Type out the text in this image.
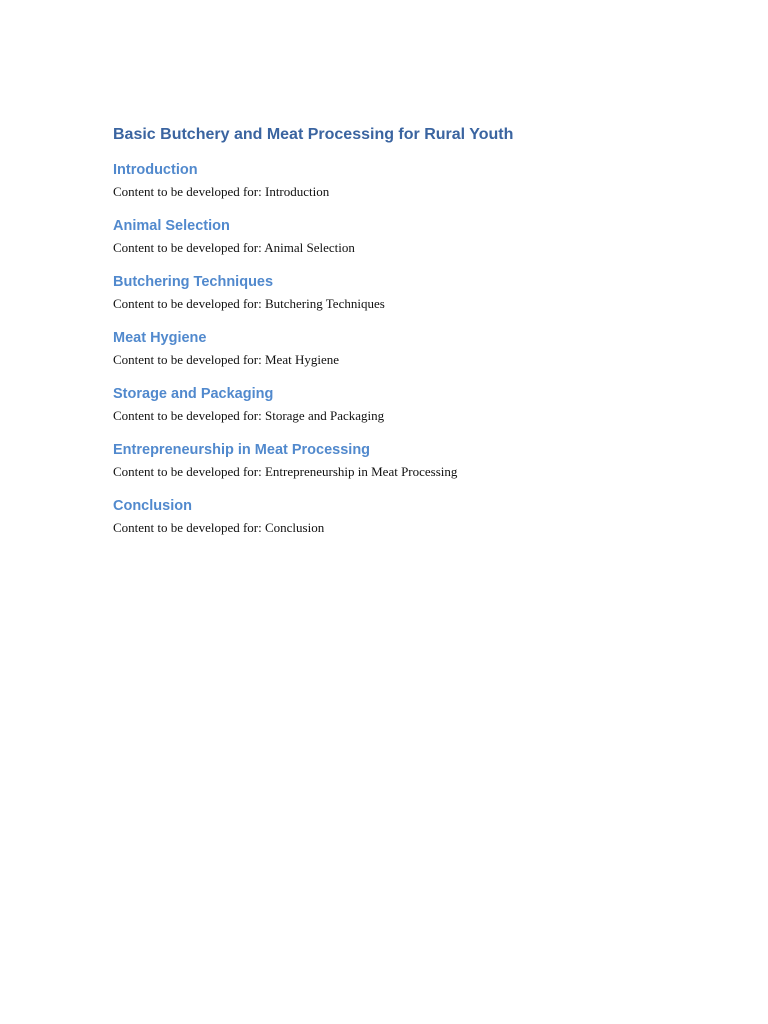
Basic Butchery and Meat Processing for Rural Youth
Introduction

Content to be developed for: Introduction

Animal Selection

Content to be developed for: Animal Selection

Butchering Techniques

Content to be developed for: Butchering Techniques

Meat Hygiene

Content to be developed for: Meat Hygiene

Storage and Packaging

Content to be developed for: Storage and Packaging

Entrepreneurship in Meat Processing

Content to be developed for: Entrepreneurship in Meat Processing

Conclusion

Content to be developed for: Conclusion
